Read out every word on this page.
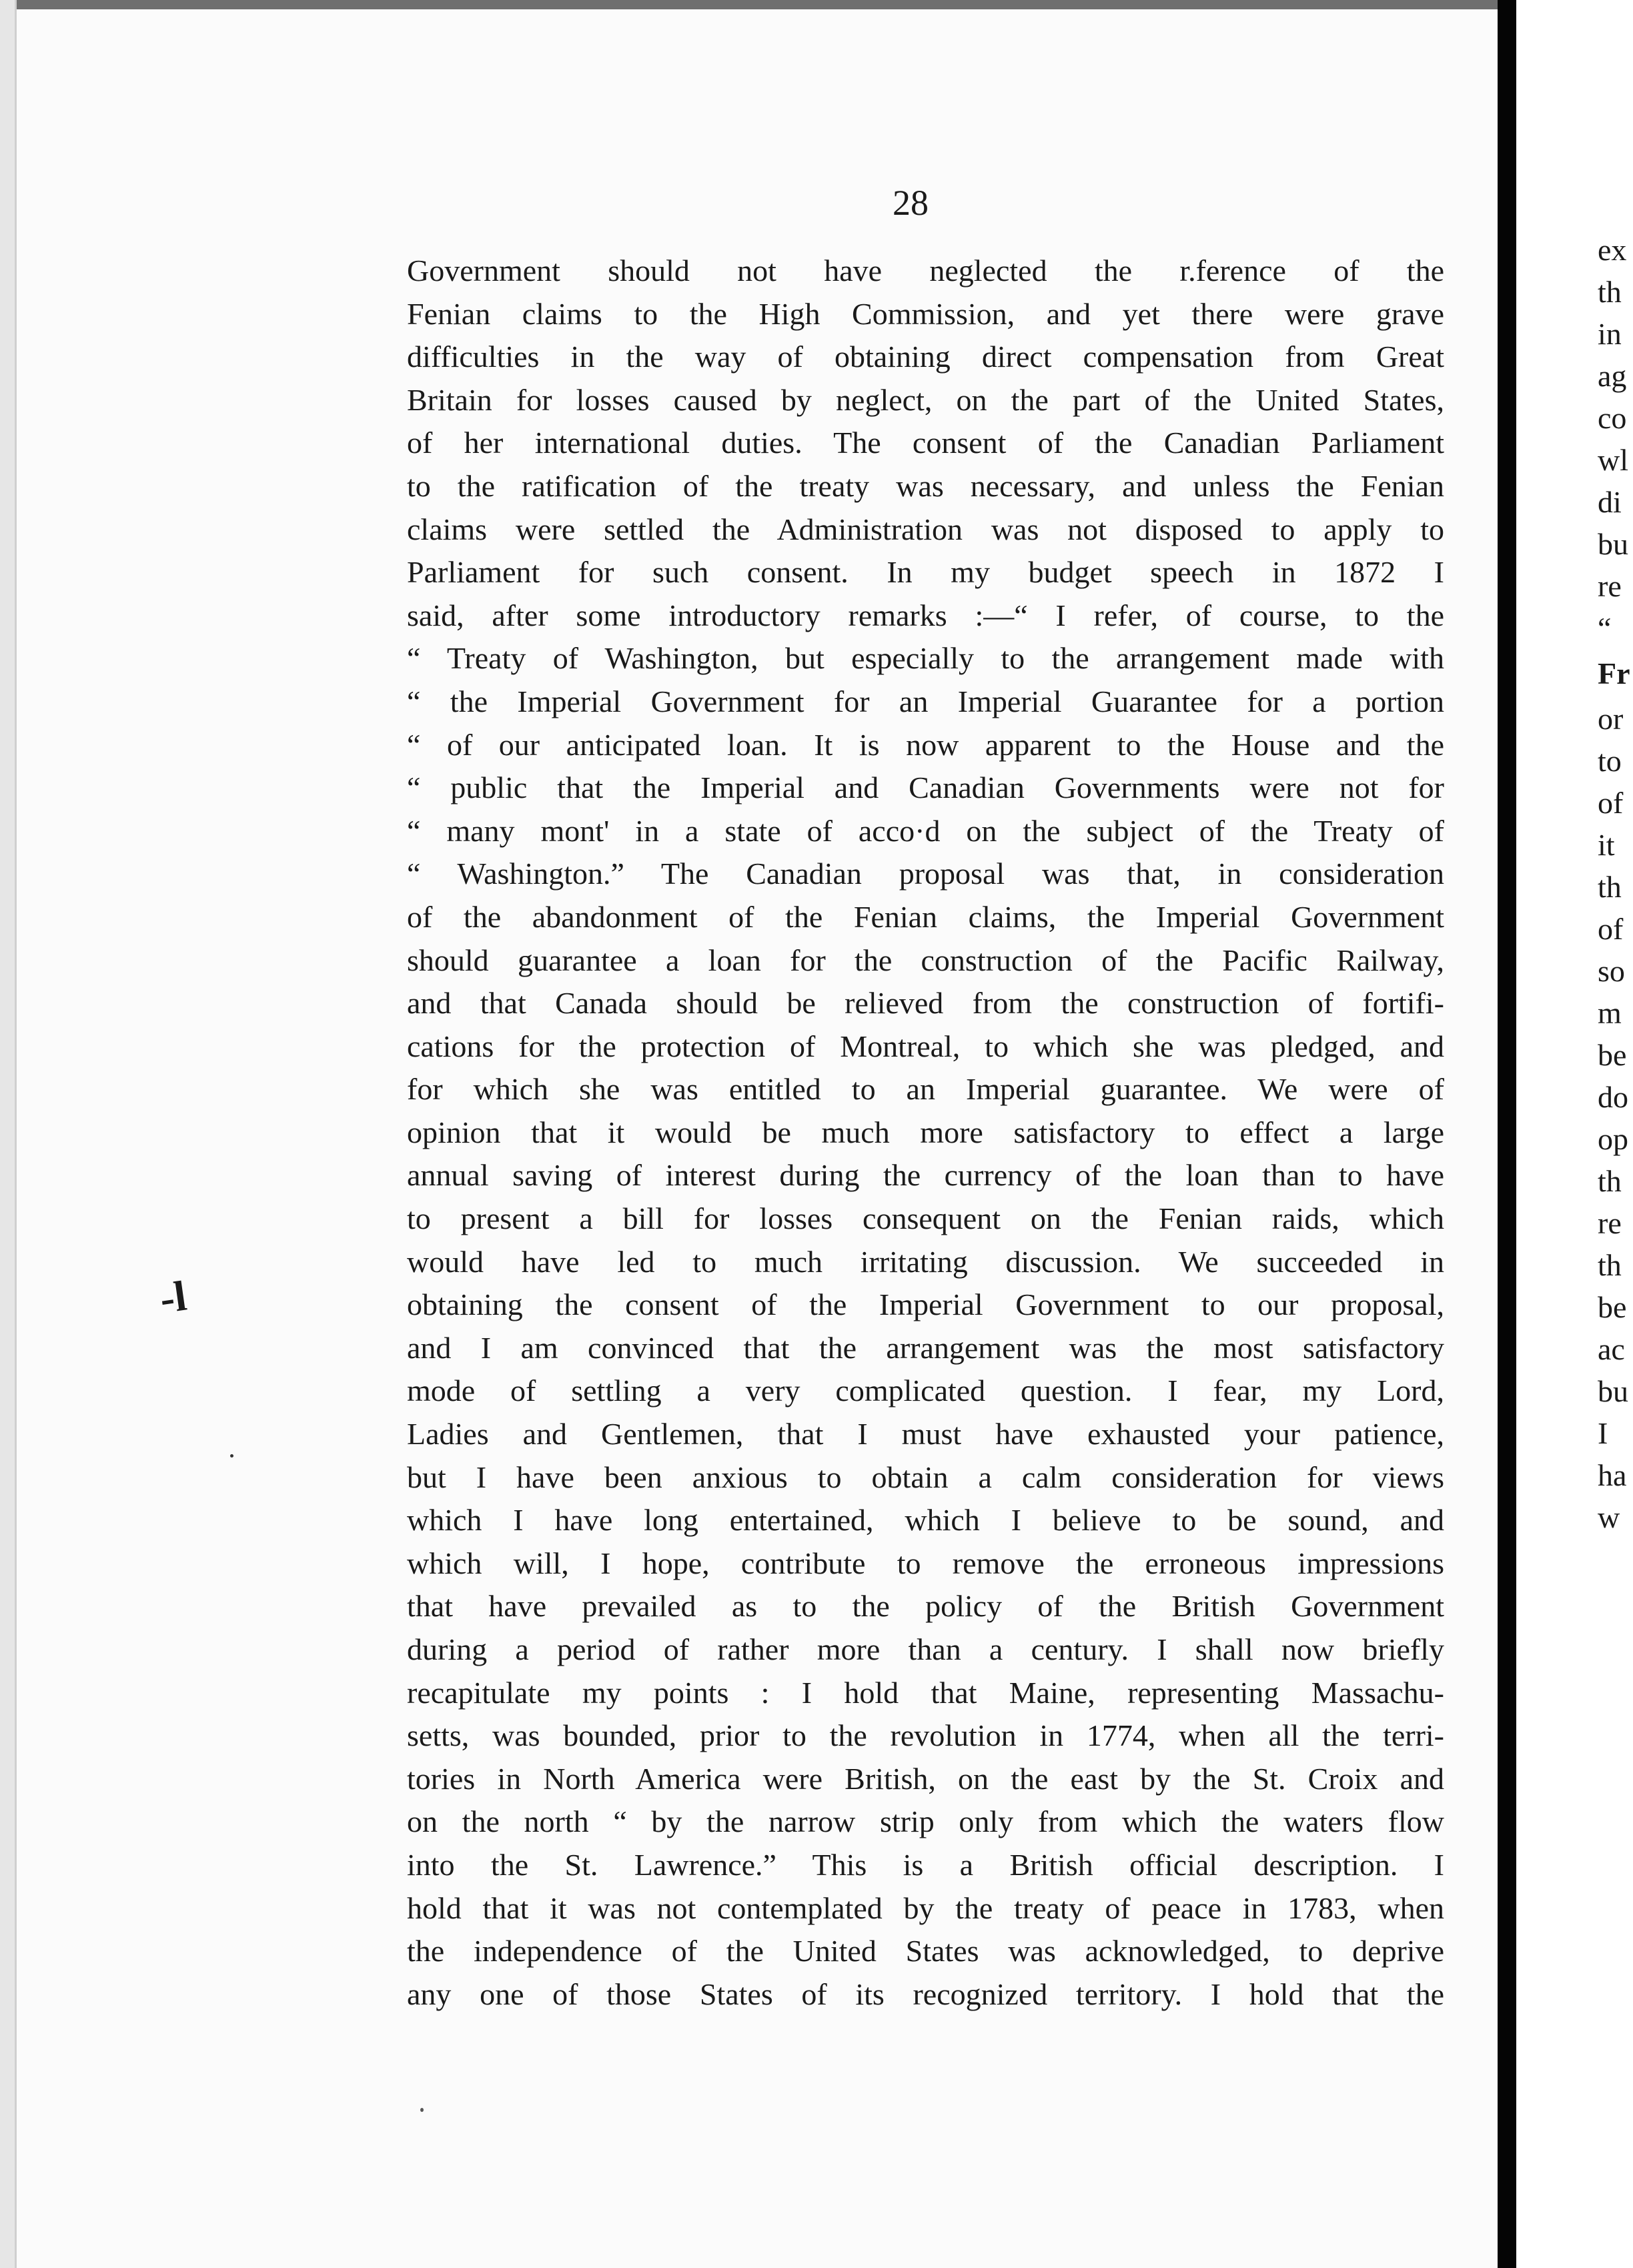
28
Government should not have neglected the r.ference of the
Fenian claims to the High Commission, and yet there were grave
difficulties in the way of obtaining direct compensation from Great
Britain for losses caused by neglect, on the part of the United States,
of her international duties. The consent of the Canadian Parliament
to the ratification of the treaty was necessary, and unless the Fenian
claims were settled the Administration was not disposed to apply to
Parliament for such consent. In my budget speech in 1872 I
said, after some introductory remarks :—“ I refer, of course, to the
“ Treaty of Washington, but especially to the arrangement made with
“ the Imperial Government for an Imperial Guarantee for a portion
“ of our anticipated loan. It is now apparent to the House and the
“ public that the Imperial and Canadian Governments were not for
“ many mont' in a state of acco·d on the subject of the Treaty of
“ Washington.” The Canadian proposal was that, in consideration
of the abandonment of the Fenian claims, the Imperial Government
should guarantee a loan for the construction of the Pacific Railway,
and that Canada should be relieved from the construction of fortifi-
cations for the protection of Montreal, to which she was pledged, and
for which she was entitled to an Imperial guarantee. We were of
opinion that it would be much more satisfactory to effect a large
annual saving of interest during the currency of the loan than to have
to present a bill for losses consequent on the Fenian raids, which
would have led to much irritating discussion. We succeeded in
obtaining the consent of the Imperial Government to our proposal,
and I am convinced that the arrangement was the most satisfactory
mode of settling a very complicated question. I fear, my Lord,
Ladies and Gentlemen, that I must have exhausted your patience,
but I have been anxious to obtain a calm consideration for views
which I have long entertained, which I believe to be sound, and
which will, I hope, contribute to remove the erroneous impressions
that have prevailed as to the policy of the British Government
during a period of rather more than a century. I shall now briefly
recapitulate my points : I hold that Maine, representing Massachu-
setts, was bounded, prior to the revolution in 1774, when all the terri-
tories in North America were British, on the east by the St. Croix and
on the north “ by the narrow strip only from which the waters flow
into the St. Lawrence.” This is a British official description. I
hold that it was not contemplated by the treaty of peace in 1783, when
the independence of the United States was acknowledged, to deprive
any one of those States of its recognized territory. I hold that the
-l
ex
th
in
ag
co
wl
di
bu
re
“
Fr
or
to
of
it
th
of
so
m
be
do
op
th
re
th
be
ac
bu
I
ha
w
